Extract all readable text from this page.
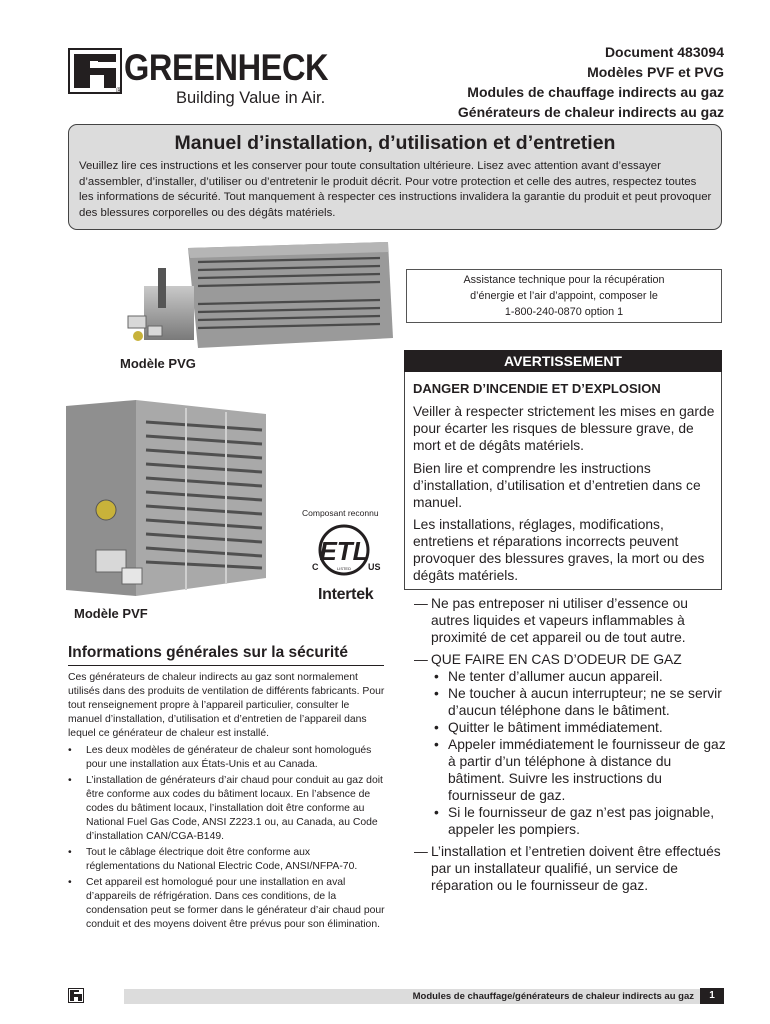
GREENHECK
®	Building Value in Air.
Document 483094
Modèles PVF et PVG
Modules de chauffage indirects au gaz
Générateurs de chaleur indirects au gaz
Manuel d’installation, d’utilisation et d’entretien
Veuillez lire ces instructions et les conserver pour toute consultation ultérieure. Lisez avec attention avant d’essayer d’assembler, d’installer, d’utiliser ou d’entretenir le produit décrit. Pour votre protection et celle des autres, respectez toutes les informations de sécurité. Tout manquement à respecter ces instructions invalidera la garantie du produit et peut provoquer des blessures corporelles ou des dégâts matériels.
Modèle PVG
Modèle PVF
Assistance technique pour la récupération
d’énergie et l’air d’appoint, composer le
1-800-240-0870 option 1
Composant reconnu
ETL
C	US
LISTED
Intertek
AVERTISSEMENT
DANGER D’INCENDIE ET D’EXPLOSION
Veiller à respecter strictement les mises en garde pour écarter les risques de blessure grave, de mort et de dégâts matériels.
Bien lire et comprendre les instructions d’installation, d’utilisation et d’entretien dans ce manuel.
Les installations, réglages, modifications, entretiens et réparations incorrects peuvent provoquer des blessures graves, la mort ou des dégâts matériels.
— Ne pas entreposer ni utiliser d’essence ou autres liquides et vapeurs inflammables à proximité de cet appareil ou de tout autre.
— QUE FAIRE EN CAS D’ODEUR DE GAZ
• Ne tenter d’allumer aucun appareil.
• Ne toucher à aucun interrupteur; ne se servir d’aucun téléphone dans le bâtiment.
• Quitter le bâtiment immédiatement.
• Appeler immédiatement le fournisseur de gaz à partir d’un téléphone à distance du bâtiment. Suivre les instructions du fournisseur de gaz.
• Si le fournisseur de gaz n’est pas joignable, appeler les pompiers.
— L’installation et l’entretien doivent être effectués par un installateur qualifié, un service de réparation ou le fournisseur de gaz.
Informations générales sur la sécurité
Ces générateurs de chaleur indirects au gaz sont normalement utilisés dans des produits de ventilation de différents fabricants. Pour tout renseignement propre à l’appareil particulier, consulter le manuel d’installation, d’utilisation et d’entretien de l’appareil dans lequel ce générateur de chaleur est installé.
• Les deux modèles de générateur de chaleur sont homologués pour une installation aux États-Unis et au Canada.
• L’installation de générateurs d’air chaud pour conduit au gaz doit être conforme aux codes du bâtiment locaux. En l’absence de codes du bâtiment locaux, l’installation doit être conforme au National Fuel Gas Code, ANSI Z223.1 ou, au Canada, au Code d’installation CAN/CGA-B149.
• Tout le câblage électrique doit être conforme aux réglementations du National Electric Code, ANSI/NFPA-70.
• Cet appareil est homologué pour une installation en aval d’appareils de réfrigération. Dans ces conditions, de la condensation peut se former dans le générateur d’air chaud pour conduit et des moyens doivent être prévus pour son élimination.
Modules de chauffage/générateurs de chaleur indirects au gaz	1
